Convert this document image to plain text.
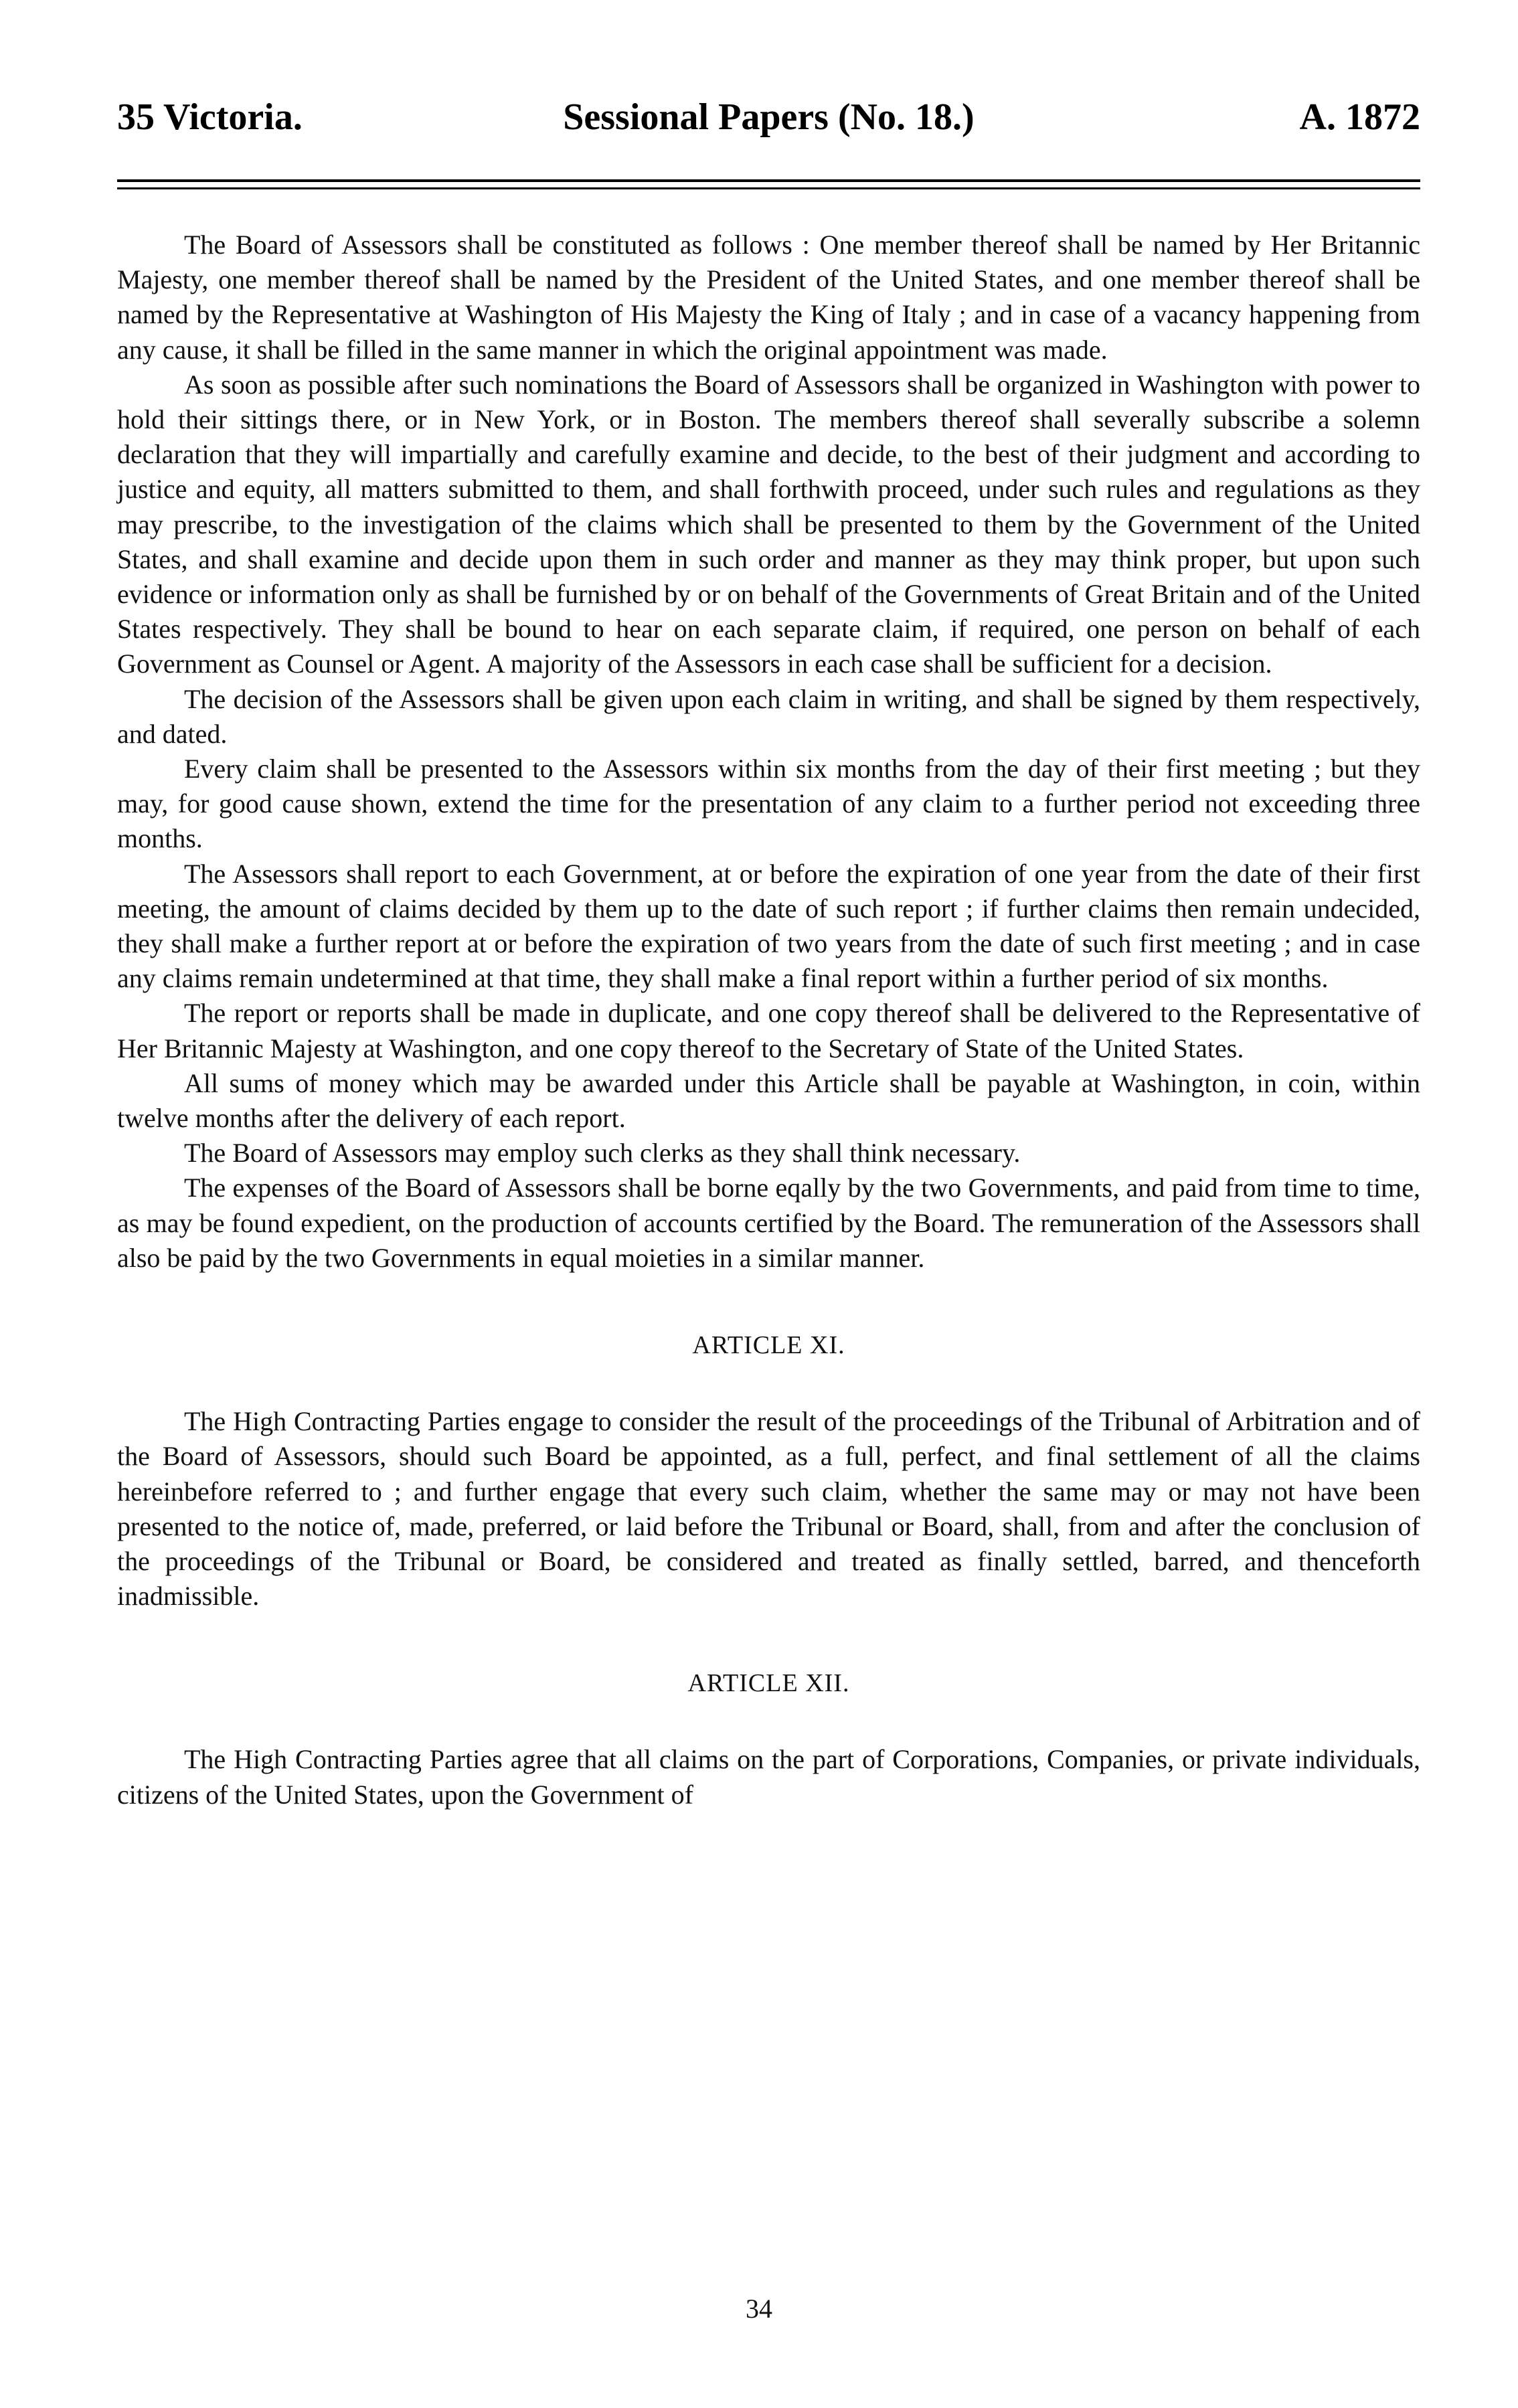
35 Victoria.	Sessional Papers (No. 18.)	A. 1872

The Board of Assessors shall be constituted as follows : One member thereof shall be named by Her Britannic Majesty, one member thereof shall be named by the President of the United States, and one member thereof shall be named by the Representative at Washington of His Majesty the King of Italy ; and in case of a vacancy happening from any cause, it shall be filled in the same manner in which the original appointment was made.

As soon as possible after such nominations the Board of Assessors shall be organized in Washington with power to hold their sittings there, or in New York, or in Boston. The members thereof shall severally subscribe a solemn declaration that they will impartially and carefully examine and decide, to the best of their judgment and according to justice and equity, all matters submitted to them, and shall forthwith proceed, under such rules and regulations as they may prescribe, to the investigation of the claims which shall be presented to them by the Government of the United States, and shall examine and decide upon them in such order and manner as they may think proper, but upon such evidence or information only as shall be furnished by or on behalf of the Governments of Great Britain and of the United States respectively. They shall be bound to hear on each separate claim, if required, one person on behalf of each Government as Counsel or Agent. A majority of the Assessors in each case shall be sufficient for a decision.

The decision of the Assessors shall be given upon each claim in writing, and shall be signed by them respectively, and dated.

Every claim shall be presented to the Assessors within six months from the day of their first meeting ; but they may, for good cause shown, extend the time for the presentation of any claim to a further period not exceeding three months.

The Assessors shall report to each Government, at or before the expiration of one year from the date of their first meeting, the amount of claims decided by them up to the date of such report ; if further claims then remain undecided, they shall make a further report at or before the expiration of two years from the date of such first meeting ; and in case any claims remain undetermined at that time, they shall make a final report within a further period of six months.

The report or reports shall be made in duplicate, and one copy thereof shall be delivered to the Representative of Her Britannic Majesty at Washington, and one copy thereof to the Secretary of State of the United States.

All sums of money which may be awarded under this Article shall be payable at Washington, in coin, within twelve months after the delivery of each report.

The Board of Assessors may employ such clerks as they shall think necessary.

The expenses of the Board of Assessors shall be borne eqally by the two Governments, and paid from time to time, as may be found expedient, on the production of accounts certified by the Board. The remuneration of the Assessors shall also be paid by the two Governments in equal moieties in a similar manner.

ARTICLE XI.

The High Contracting Parties engage to consider the result of the proceedings of the Tribunal of Arbitration and of the Board of Assessors, should such Board be appointed, as a full, perfect, and final settlement of all the claims hereinbefore referred to ; and further engage that every such claim, whether the same may or may not have been presented to the notice of, made, preferred, or laid before the Tribunal or Board, shall, from and after the conclusion of the proceedings of the Tribunal or Board, be considered and treated as finally settled, barred, and thenceforth inadmissible.

ARTICLE XII.

The High Contracting Parties agree that all claims on the part of Corporations, Companies, or private individuals, citizens of the United States, upon the Government of

34
